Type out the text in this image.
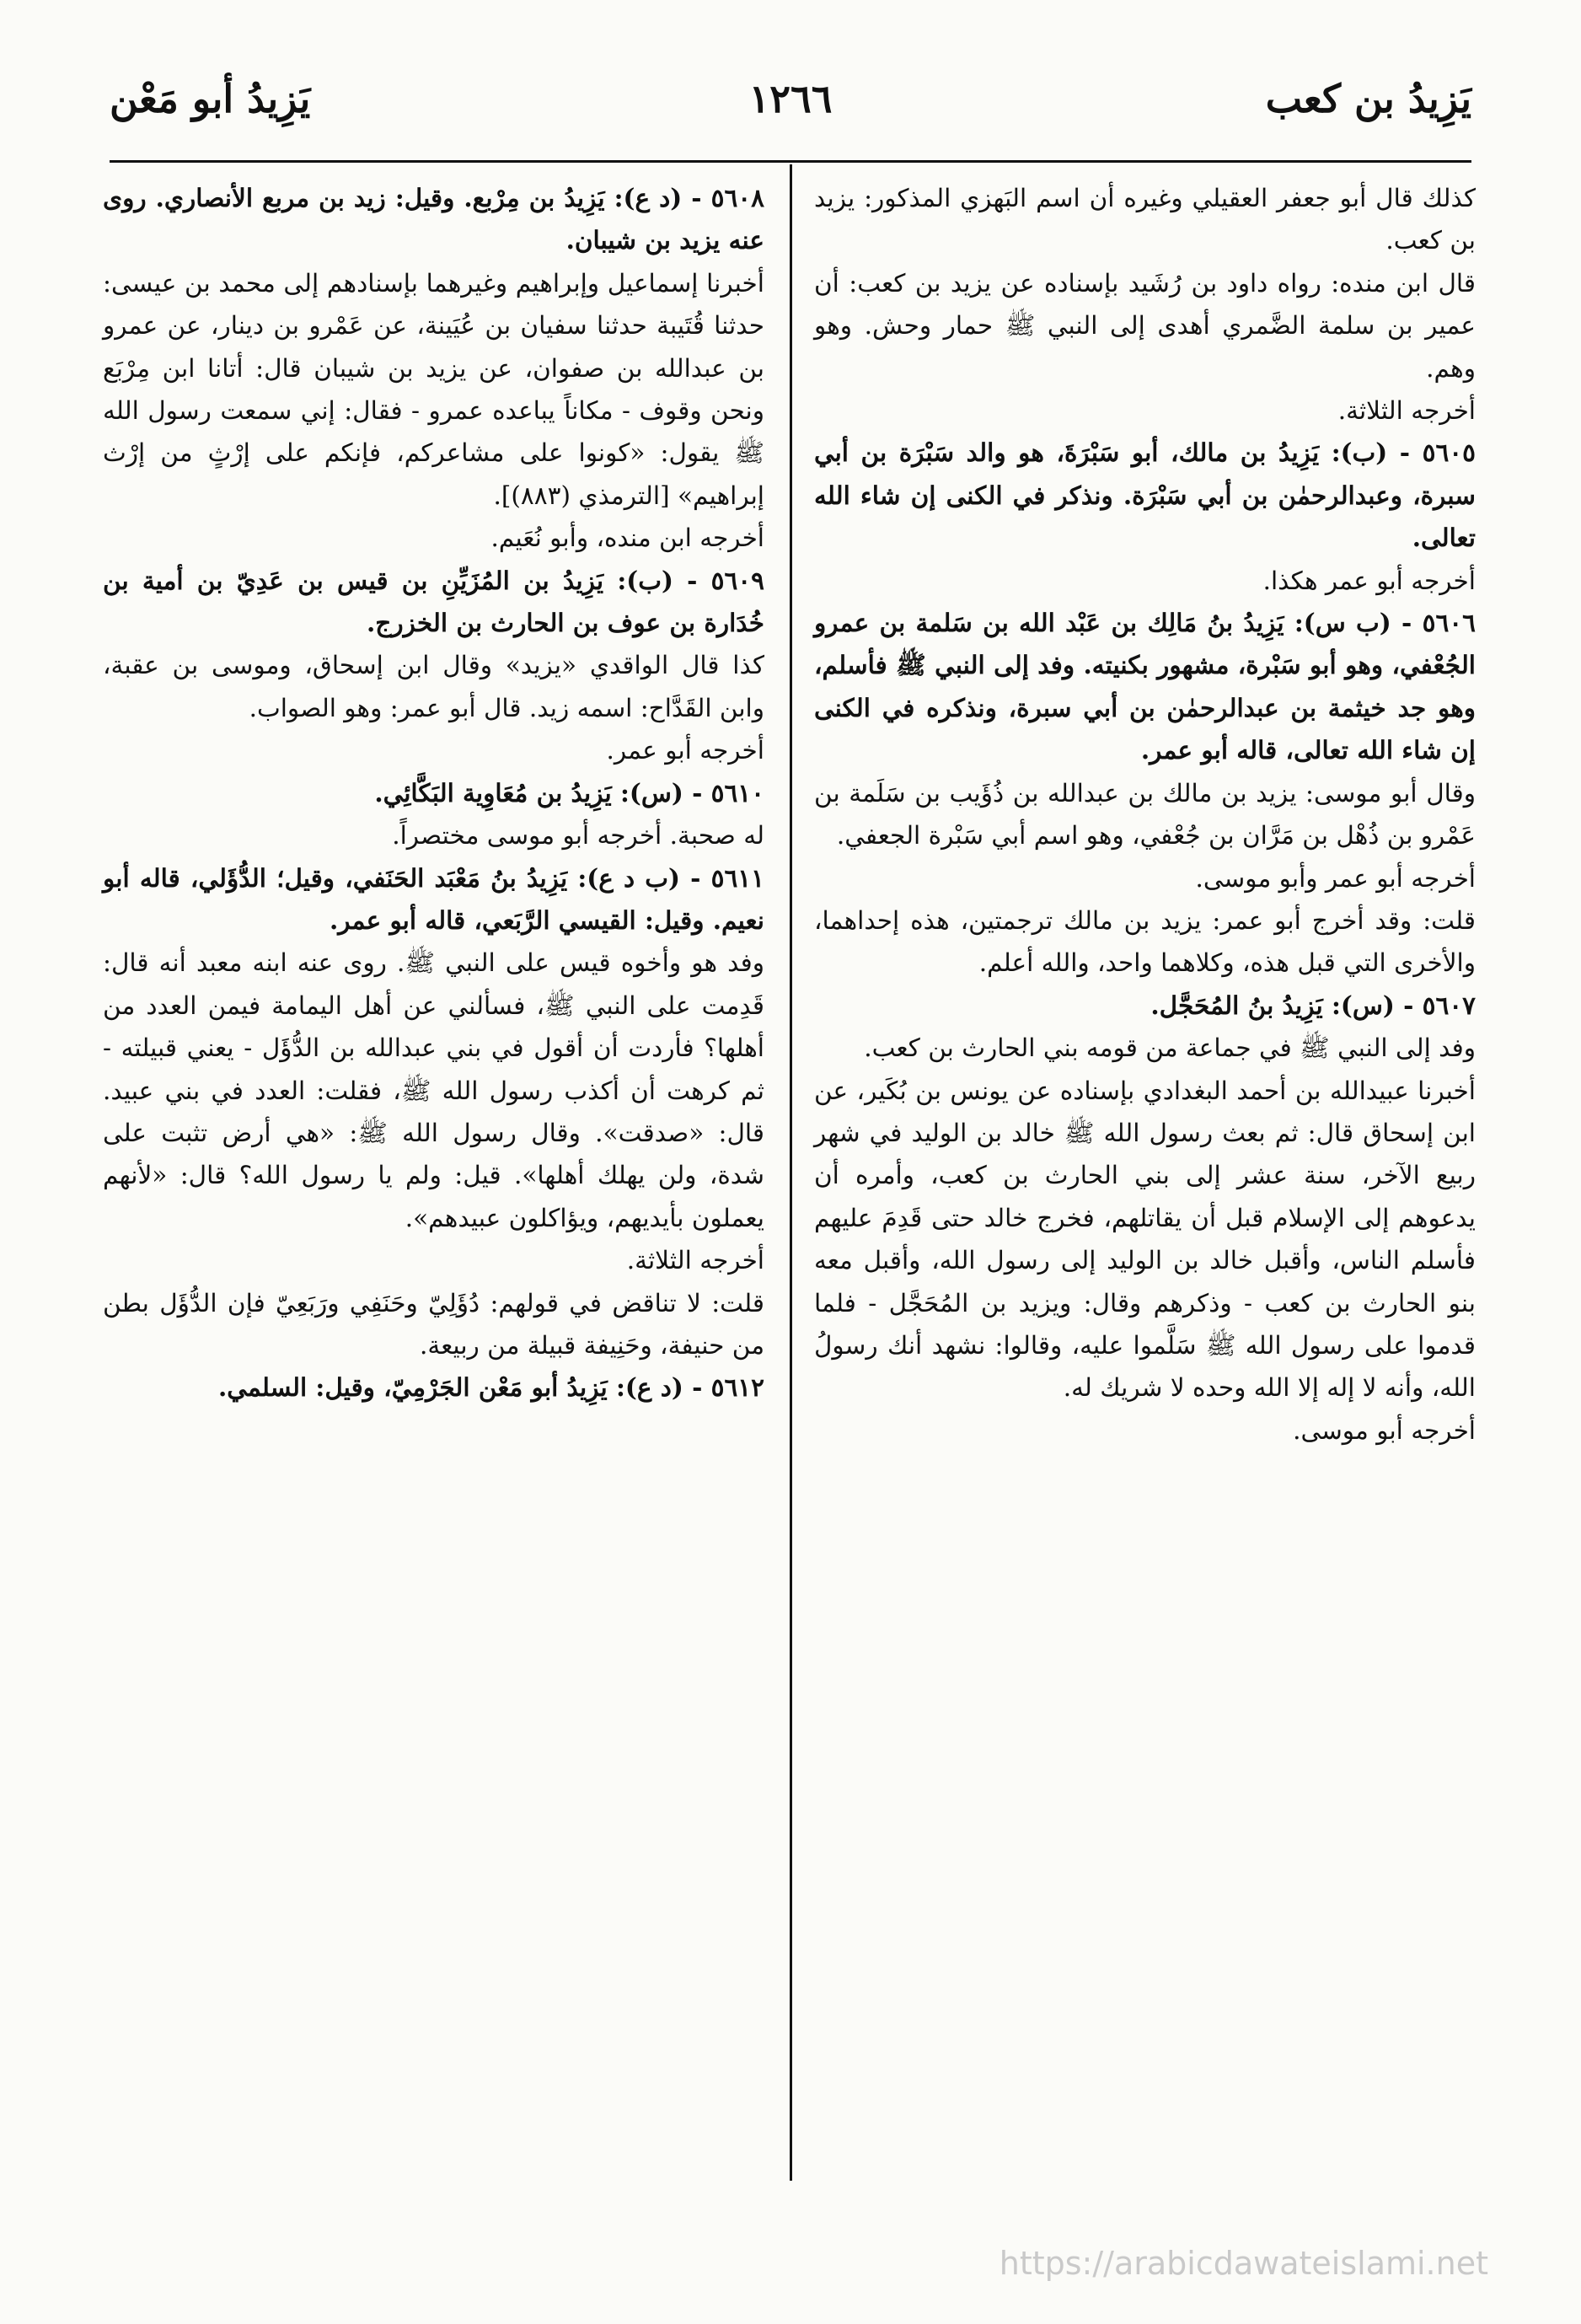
يَزِيدُ بن كعب
١٢٦٦
يَزِيدُ أبو مَعْن

كذلك قال أبو جعفر العقيلي وغيره أن اسم البَهزي المذكور: يزيد بن كعب.

قال ابن منده: رواه داود بن رُشَيد بإسناده عن يزيد بن كعب: أن عمير بن سلمة الضَّمري أهدى إلى النبي ﷺ حمار وحش. وهو وهم.

أخرجه الثلاثة.

٥٦٠٥ - (ب): يَزِيدُ بن مالك، أبو سَبْرَةَ، هو والد سَبْرَة بن أبي سبرة، وعبدالرحمٰن بن أبي سَبْرَة. ونذكر في الكنى إن شاء الله تعالى.

أخرجه أبو عمر هكذا.

٥٦٠٦ - (ب س): يَزِيدُ بنُ مَالِك بن عَبْد الله بن سَلمة بن عمرو الجُعْفي، وهو أبو سَبْرة، مشهور بكنيته. وفد إلى النبي ﷺ فأسلم، وهو جد خيثمة بن عبدالرحمٰن بن أبي سبرة، ونذكره في الكنى إن شاء الله تعالى، قاله أبو عمر.

وقال أبو موسى: يزيد بن مالك بن عبدالله بن ذُؤَيب بن سَلَمة بن عَمْرو بن ذُهْل بن مَرَّان بن جُعْفي، وهو اسم أبي سَبْرة الجعفي.

أخرجه أبو عمر وأبو موسى.

قلت: وقد أخرج أبو عمر: يزيد بن مالك ترجمتين، هذه إحداهما، والأخرى التي قبل هذه، وكلاهما واحد، والله أعلم.

٥٦٠٧ - (س): يَزِيدُ بنُ المُحَجَّل.

وفد إلى النبي ﷺ في جماعة من قومه بني الحارث بن كعب.

أخبرنا عبيدالله بن أحمد البغدادي بإسناده عن يونس بن بُكَير، عن ابن إسحاق قال: ثم بعث رسول الله ﷺ خالد بن الوليد في شهر ربيع الآخر، سنة عشر إلى بني الحارث بن كعب، وأمره أن يدعوهم إلى الإسلام قبل أن يقاتلهم، فخرج خالد حتى قَدِمَ عليهم فأسلم الناس، وأقبل خالد بن الوليد إلى رسول الله، وأقبل معه بنو الحارث بن كعب - وذكرهم وقال: ويزيد بن المُحَجَّل - فلما قدموا على رسول الله ﷺ سَلَّموا عليه، وقالوا: نشهد أنك رسولُ الله، وأنه لا إله إلا الله وحده لا شريك له.

أخرجه أبو موسى.

٥٦٠٨ - (د ع): يَزِيدُ بن مِرْبع. وقيل: زيد بن مربع الأنصاري. روى عنه يزيد بن شيبان.

أخبرنا إسماعيل وإبراهيم وغيرهما بإسنادهم إلى محمد بن عيسى: حدثنا قُتَيبة حدثنا سفيان بن عُيَينة، عن عَمْرو بن دينار، عن عمرو بن عبدالله بن صفوان، عن يزيد بن شيبان قال: أتانا ابن مِرْبَع ونحن وقوف - مكاناً يباعده عمرو - فقال: إني سمعت رسول الله ﷺ يقول: «كونوا على مشاعركم، فإنكم على إرْثٍ من إرْث إبراهيم» [الترمذي (٨٨٣)].

أخرجه ابن منده، وأبو نُعَيم.

٥٦٠٩ - (ب): يَزِيدُ بن المُزَيِّنِ بن قيس بن عَدِيّ بن أمية بن خُدَارة بن عوف بن الحارث بن الخزرج.

كذا قال الواقدي «يزيد» وقال ابن إسحاق، وموسى بن عقبة، وابن القَدَّاح: اسمه زيد. قال أبو عمر: وهو الصواب.

أخرجه أبو عمر.

٥٦١٠ - (س): يَزِيدُ بن مُعَاوِية البَكَّائِي.

له صحبة. أخرجه أبو موسى مختصراً.

٥٦١١ - (ب د ع): يَزِيدُ بنُ مَعْبَد الحَنَفي، وقيل؛ الدُّؤَلي، قاله أبو نعيم. وقيل: القيسي الرَّبَعي، قاله أبو عمر.

وفد هو وأخوه قيس على النبي ﷺ. روى عنه ابنه معبد أنه قال: قَدِمت على النبي ﷺ، فسألني عن أهل اليمامة فيمن العدد من أهلها؟ فأردت أن أقول في بني عبدالله بن الدُّؤَل - يعني قبيلته - ثم كرهت أن أكذب رسول الله ﷺ، فقلت: العدد في بني عبيد. قال: «صدقت». وقال رسول الله ﷺ: «هي أرض تثبت على شدة، ولن يهلك أهلها». قيل: ولم يا رسول الله؟ قال: «لأنهم يعملون بأيديهم، ويؤاكلون عبيدهم».

أخرجه الثلاثة.

قلت: لا تناقض في قولهم: دُؤَلِيّ وحَنَفِي ورَبَعِيّ فإن الدُّؤَل بطن من حنيفة، وحَنِيفة قبيلة من ربيعة.

٥٦١٢ - (د ع): يَزِيدُ أبو مَعْن الجَرْمِيّ، وقيل: السلمي.

https://arabicdawateislami.net
